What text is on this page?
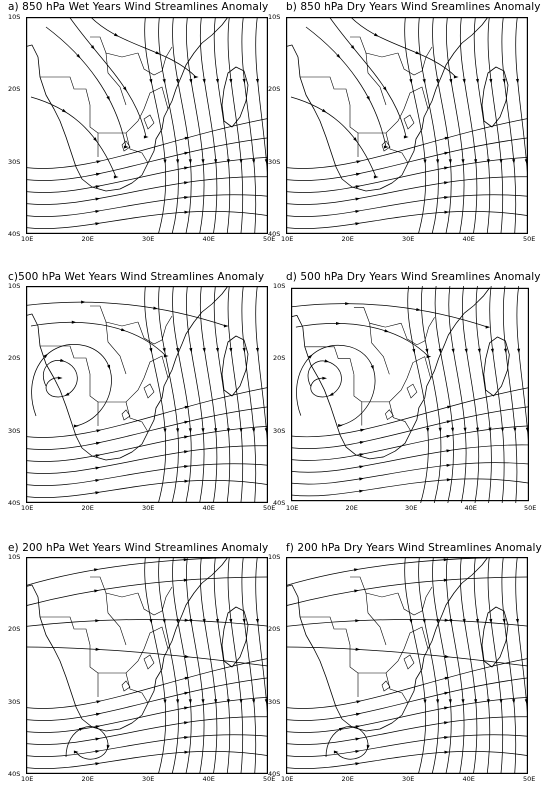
a) 850 hPa Wet Years Wind Streamlines Anomaly b) 850 hPa Dry Years Wind Sreamlines Anomaly
c)500 hPa Wet Years Wind Streamlines Anomaly d) 500 hPa Dry Years Wind Sreamlines Anomaly
e) 200 hPa Wet Years Wind Streamlines Anomaly f) 200 hPa Dry Years Wind Streamlines Anomaly
10S
20S
30S
40S
10E	20E	30E	40E	50E
10S
20S
30S
40S
10E	20E	30E	40E	50E
10S
20S
30S
40S
10E	20E	30E	40E	50E
10S
20S
30S
40S
10E	20E	30E	40E	50E
10S
20S
30S
40S
10E	20E	30E	40E	50E
10S
20S
30S
40S
10E	20E	30E	40E	50E
